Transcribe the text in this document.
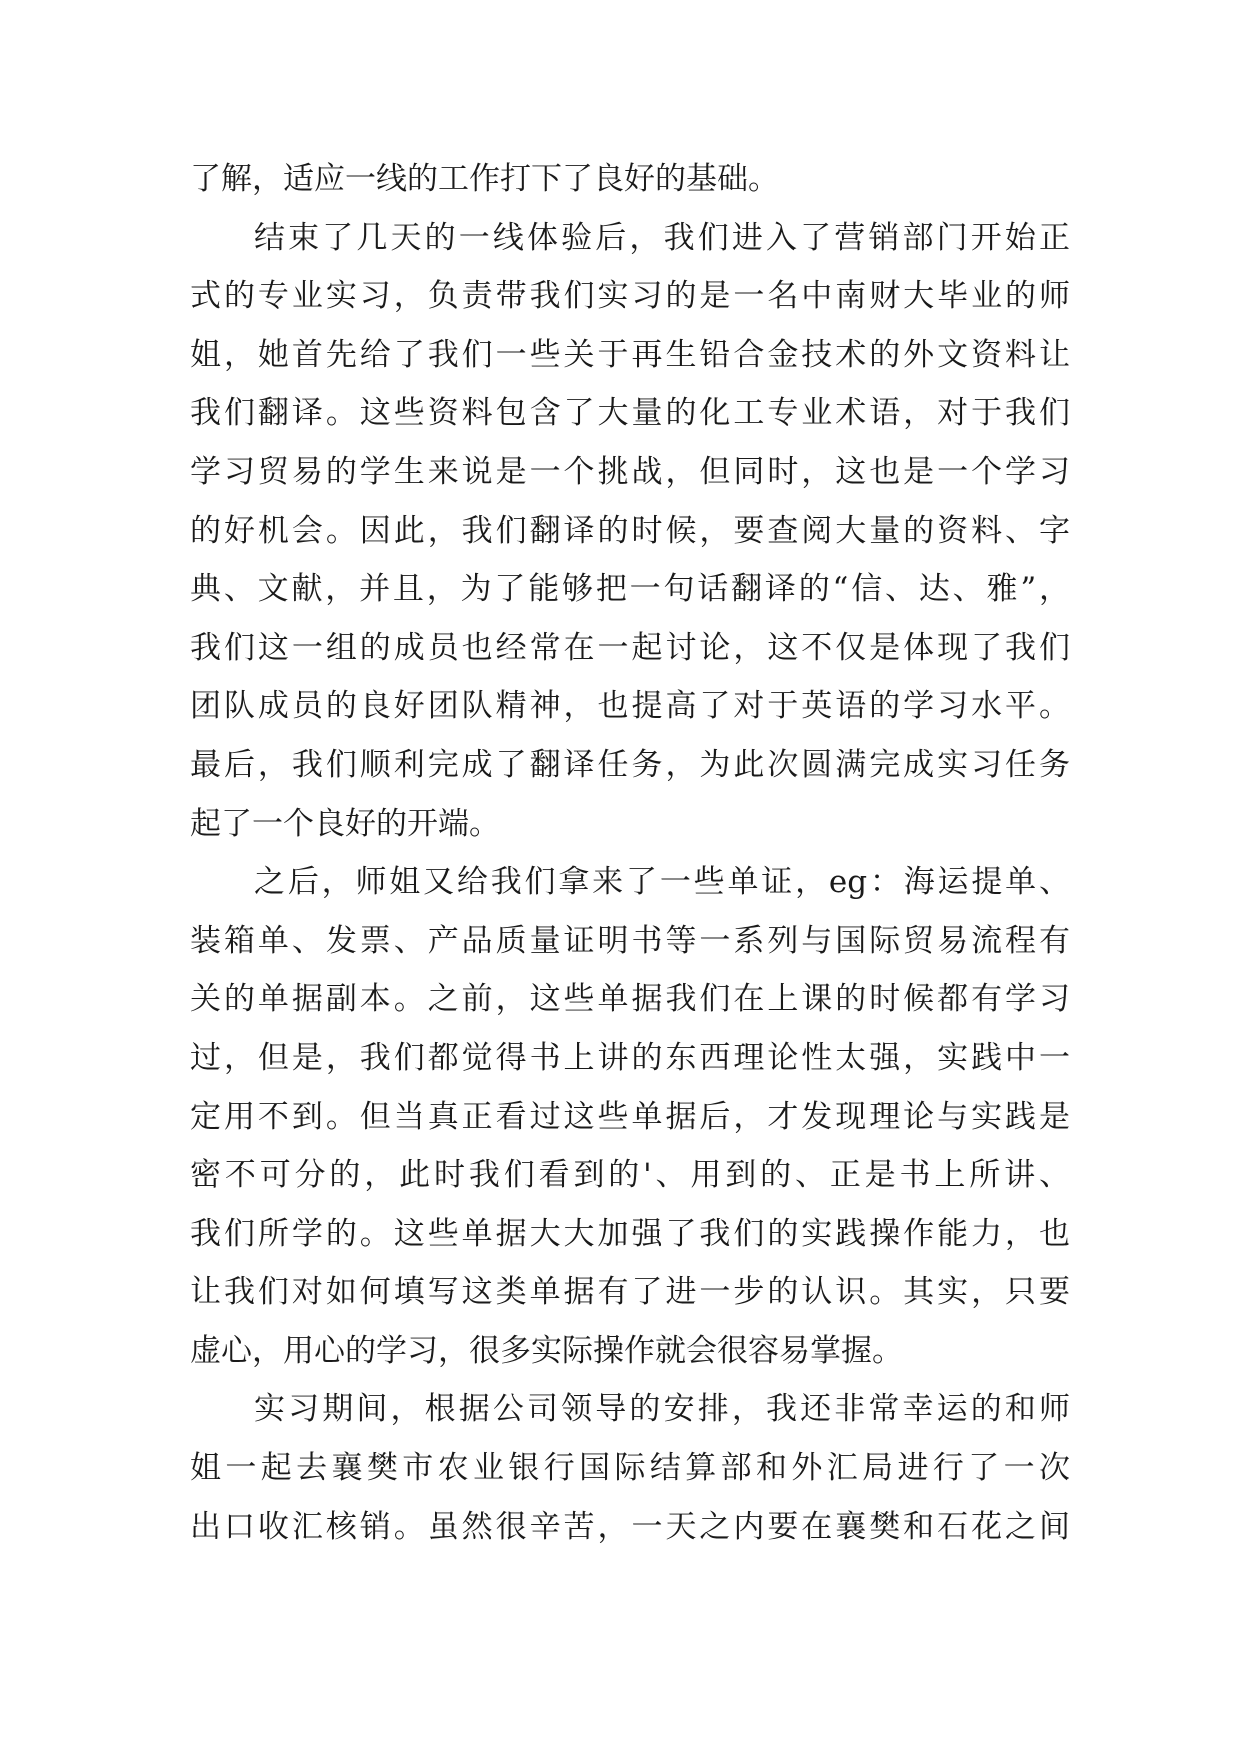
了解，适应一线的工作打下了良好的基础。
结束了几天的一线体验后，我们进入了营销部门开始正
式的专业实习，负责带我们实习的是一名中南财大毕业的师
姐，她首先给了我们一些关于再生铅合金技术的外文资料让
我们翻译。这些资料包含了大量的化工专业术语，对于我们
学习贸易的学生来说是一个挑战，但同时，这也是一个学习
的好机会。因此，我们翻译的时候，要查阅大量的资料、字
典、文献，并且，为了能够把一句话翻译的“信、达、雅”，
我们这一组的成员也经常在一起讨论，这不仅是体现了我们
团队成员的良好团队精神，也提高了对于英语的学习水平。
最后，我们顺利完成了翻译任务，为此次圆满完成实习任务
起了一个良好的开端。
之后，师姐又给我们拿来了一些单证，eg：海运提单、
装箱单、发票、产品质量证明书等一系列与国际贸易流程有
关的单据副本。之前，这些单据我们在上课的时候都有学习
过，但是，我们都觉得书上讲的东西理论性太强，实践中一
定用不到。但当真正看过这些单据后，才发现理论与实践是
密不可分的，此时我们看到的'、用到的、正是书上所讲、
我们所学的。这些单据大大加强了我们的实践操作能力，也
让我们对如何填写这类单据有了进一步的认识。其实，只要
虚心，用心的学习，很多实际操作就会很容易掌握。
实习期间，根据公司领导的安排，我还非常幸运的和师
姐一起去襄樊市农业银行国际结算部和外汇局进行了一次
出口收汇核销。虽然很辛苦，一天之内要在襄樊和石花之间
